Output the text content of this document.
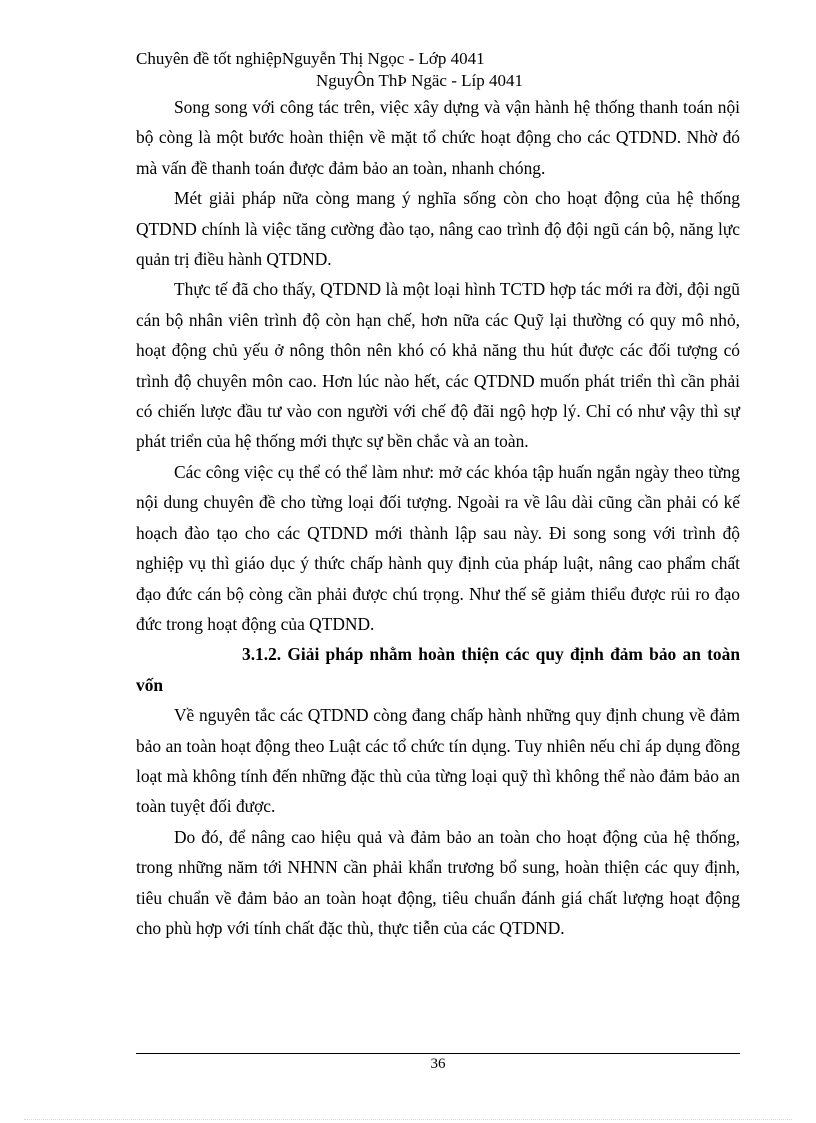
Chuyên đề tốt nghiệpNguyễn Thị Ngọc - Lớp 4041
NguyÔn ThÞ Ngäc - Líp 4041

Song song với công tác trên, việc xây dựng và vận hành hệ thống thanh toán nội bộ còng là một bước hoàn thiện về mặt tổ chức hoạt động cho các QTDND. Nhờ đó mà vấn đề thanh toán được đảm bảo an toàn, nhanh chóng.

Mét giải pháp nữa còng mang ý nghĩa sống còn cho hoạt động của hệ thống QTDND chính là việc tăng cường đào tạo, nâng cao trình độ đội ngũ cán bộ, năng lực quản trị điều hành QTDND.

Thực tế đã cho thấy, QTDND là một loại hình TCTD hợp tác mới ra đời, đội ngũ cán bộ nhân viên trình độ còn hạn chế, hơn nữa các Quỹ lại thường có quy mô nhỏ, hoạt động chủ yếu ở nông thôn nên khó có khả năng thu hút được các đối tượng có trình độ chuyên môn cao. Hơn lúc nào hết, các QTDND muốn phát triển thì cần phải có chiến lược đầu tư vào con người với chế độ đãi ngộ hợp lý. Chỉ có như vậy thì sự phát triển của hệ thống mới thực sự bền chắc và an toàn.

Các công việc cụ thể có thể làm như: mở các khóa tập huấn ngắn ngày theo từng nội dung chuyên đề cho từng loại đối tượng. Ngoài ra về lâu dài cũng cần phải có kế hoạch đào tạo cho các QTDND mới thành lập sau này. Đi song song với trình độ nghiệp vụ thì giáo dục ý thức chấp hành quy định của pháp luật, nâng cao phẩm chất đạo đức cán bộ còng cần phải được chú trọng. Như thế sẽ giảm thiểu được rủi ro đạo đức trong hoạt động của QTDND.

3.1.2. Giải pháp nhằm hoàn thiện các quy định đảm bảo an toàn vốn

Về nguyên tắc các QTDND còng đang chấp hành những quy định chung về đảm bảo an toàn hoạt động theo Luật các tổ chức tín dụng. Tuy nhiên nếu chỉ áp dụng đồng loạt mà không tính đến những đặc thù của từng loại quỹ thì không thể nào đảm bảo an toàn tuyệt đối được.

Do đó, để nâng cao hiệu quả và đảm bảo an toàn cho hoạt động của hệ thống, trong những năm tới NHNN cần phải khẩn trương bổ sung, hoàn thiện các quy định, tiêu chuẩn về đảm bảo an toàn hoạt động, tiêu chuẩn đánh giá chất lượng hoạt động cho phù hợp với tính chất đặc thù, thực tiễn của các QTDND.

36
